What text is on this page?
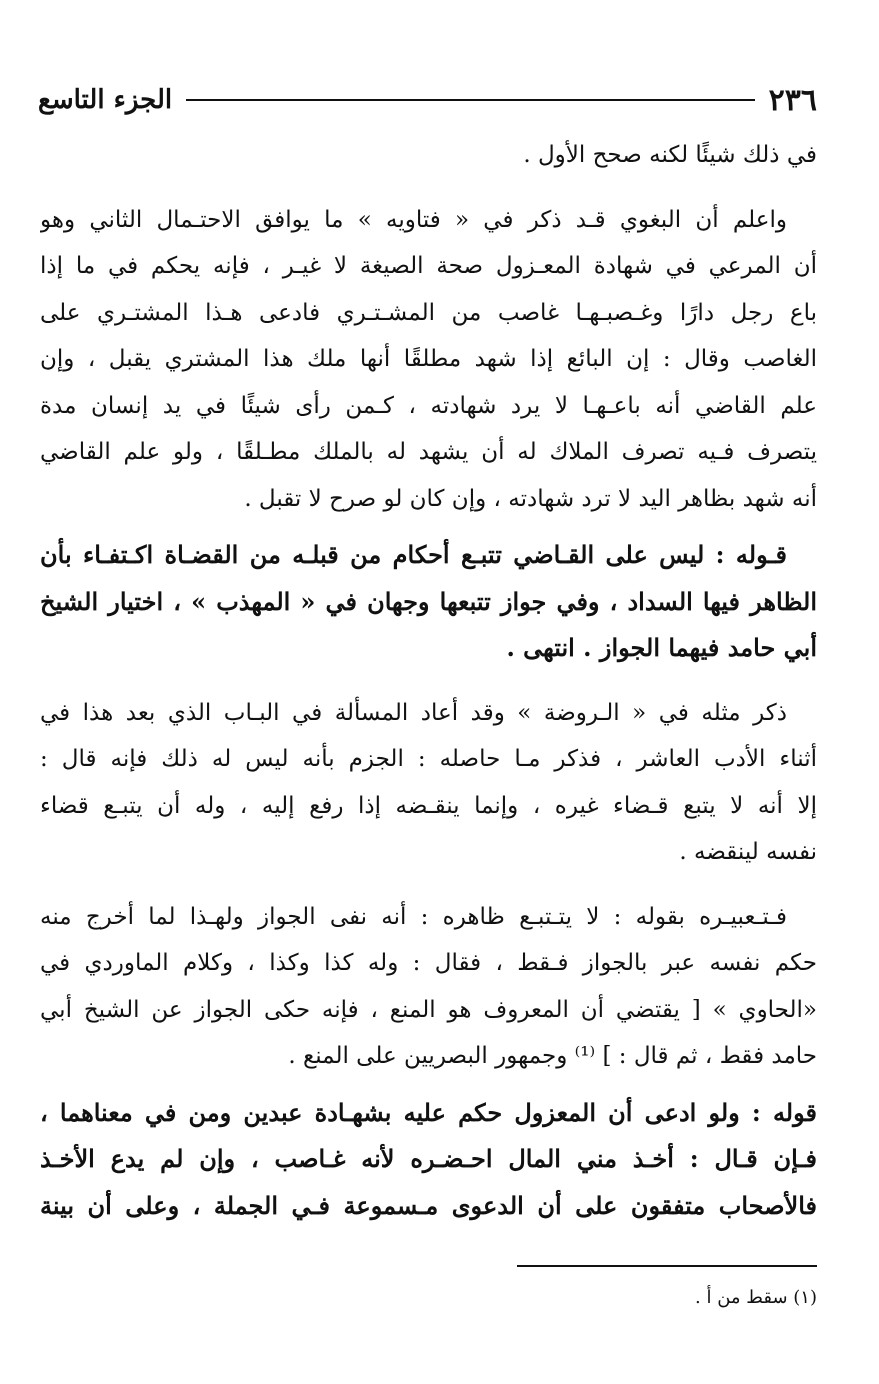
٢٣٦
الجزء التاسع
في ذلك شيئًا لكنه صحح الأول .
واعلم أن البغوي قـد ذكر في « فتاويه » ما يوافق الاحتـمال الثاني وهو
أن المرعي في شهادة المعـزول صحة الصيغة لا غيـر ، فإنه يحكم في ما إذا
باع رجل دارًا وغـصبـهـا غاصب من المشـتـري فادعى هـذا المشتـري على
الغاصب وقال : إن البائع إذا شهد مطلقًا أنها ملك هذا المشتري يقبل ، وإن
علم القاضي أنه باعـهـا لا يرد شهادته ، كـمن رأى شيئًا في يد إنسان مدة
يتصرف فـيه تصرف الملاك له أن يشهد له بالملك مطـلقًا ، ولو علم القاضي
أنه شهد بظاهر اليد لا ترد شهادته ، وإن كان لو صرح لا تقبل .
قـوله : ليس على القـاضي تتبـع أحكام من قبلـه من القضـاة اكـتفـاء بأن
الظاهر فيها السداد ، وفي جواز تتبعها وجهان في « المهذب » ، اختيار الشيخ
أبي حامد فيهما الجواز . انتهى .
ذكر مثله في « الـروضة » وقد أعاد المسألة في البـاب الذي بعد هذا في
أثناء الأدب العاشر ، فذكر مـا حاصله : الجزم بأنه ليس له ذلك فإنه قال :
إلا أنه لا يتبع قـضاء غيره ، وإنما ينقـضه إذا رفع إليه ، وله أن يتبـع قضاء
نفسه لينقضه .
فـتـعبيـره بقوله : لا يتـتبـع ظاهره : أنه نفى الجواز ولهـذا لما أخرج منه
حكم نفسه عبر بالجواز فـقط ، فقال : وله كذا وكذا ، وكلام الماوردي في
«الحاوي » [ يقتضي أن المعروف هو المنع ، فإنه حكى الجواز عن الشيخ أبي
حامد فقط ، ثم قال : ] ⁽¹⁾ وجمهور البصريين على المنع .
قوله : ولو ادعى أن المعزول حكم عليه بشهـادة عبدين ومن في معناهما ،
فـإن قـال : أخـذ مني المال احـضـره لأنه غـاصب ، وإن لم يدع الأخـذ
فالأصحاب متفقون على أن الدعوى مـسموعة فـي الجملة ، وعلى أن بينة
(١) سقط من أ .
